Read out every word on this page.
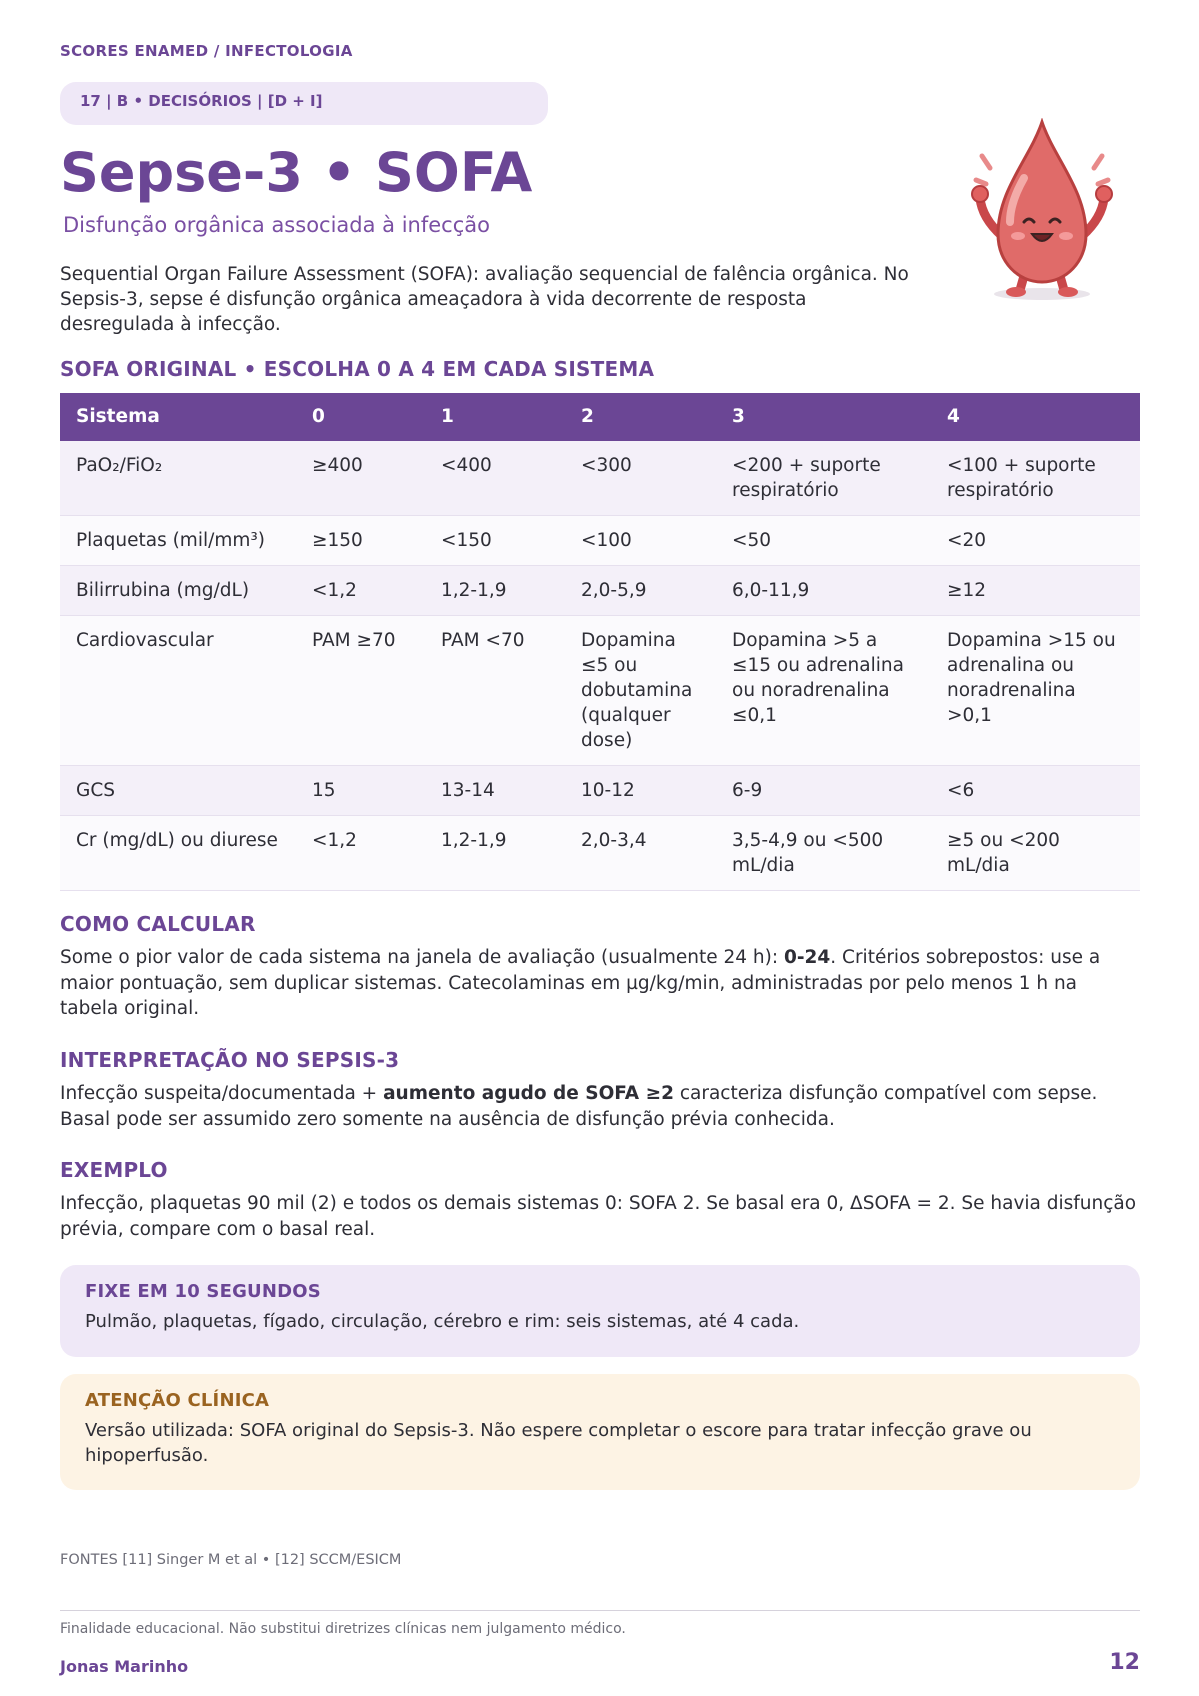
SCORES ENAMED / INFECTOLOGIA
17 | B • DECISÓRIOS | [D + I]
Sepse-3 • SOFA

Disfunção orgânica associada à infecção

Sequential Organ Failure Assessment (SOFA): avaliação sequencial de falência orgânica. No Sepsis-3, sepse é disfunção orgânica ameaçadora à vida decorrente de resposta desregulada à infecção.

SOFA ORIGINAL • ESCOLHA 0 A 4 EM CADA SISTEMA
Sistema	0	1	2	3	4
PaO₂/FiO₂	≥400	<400	<300	<200 + suporte respiratório	<100 + suporte respiratório
Plaquetas (mil/mm³)	≥150	<150	<100	<50	<20
Bilirrubina (mg/dL)	<1,2	1,2-1,9	2,0-5,9	6,0-11,9	≥12
Cardiovascular	PAM ≥70	PAM <70	Dopamina ≤5 ou dobutamina (qualquer dose)	Dopamina >5 a ≤15 ou adrenalina ou noradrenalina ≤0,1	Dopamina >15 ou adrenalina ou noradrenalina >0,1
GCS	15	13-14	10-12	6-9	<6
Cr (mg/dL) ou diurese	<1,2	1,2-1,9	2,0-3,4	3,5-4,9 ou <500 mL/dia	≥5 ou <200 mL/dia
COMO CALCULAR

Some o pior valor de cada sistema na janela de avaliação (usualmente 24 h): 0-24. Critérios sobrepostos: use a maior pontuação, sem duplicar sistemas. Catecolaminas em µg/kg/min, administradas por pelo menos 1 h na tabela original.

INTERPRETAÇÃO NO SEPSIS-3

Infecção suspeita/documentada + aumento agudo de SOFA ≥2 caracteriza disfunção compatível com sepse. Basal pode ser assumido zero somente na ausência de disfunção prévia conhecida.

EXEMPLO

Infecção, plaquetas 90 mil (2) e todos os demais sistemas 0: SOFA 2. Se basal era 0, ΔSOFA = 2. Se havia disfunção prévia, compare com o basal real.

FIXE EM 10 SEGUNDOS

Pulmão, plaquetas, fígado, circulação, cérebro e rim: seis sistemas, até 4 cada.

ATENÇÃO CLÍNICA

Versão utilizada: SOFA original do Sepsis-3. Não espere completar o escore para tratar infecção grave ou hipoperfusão.

FONTES [11] Singer M et al • [12] SCCM/ESICM
Finalidade educacional. Não substitui diretrizes clínicas nem julgamento médico.
Jonas Marinho	12
